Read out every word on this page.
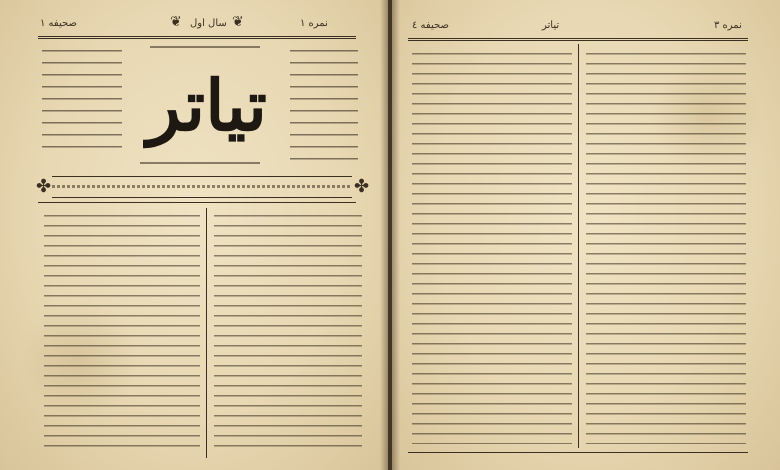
صحیفه ۱	❦ سال اول ❦	نمره ۱
تیاتر
✤	✤
صحیفه ٤	تیاتر	نمره ۳
